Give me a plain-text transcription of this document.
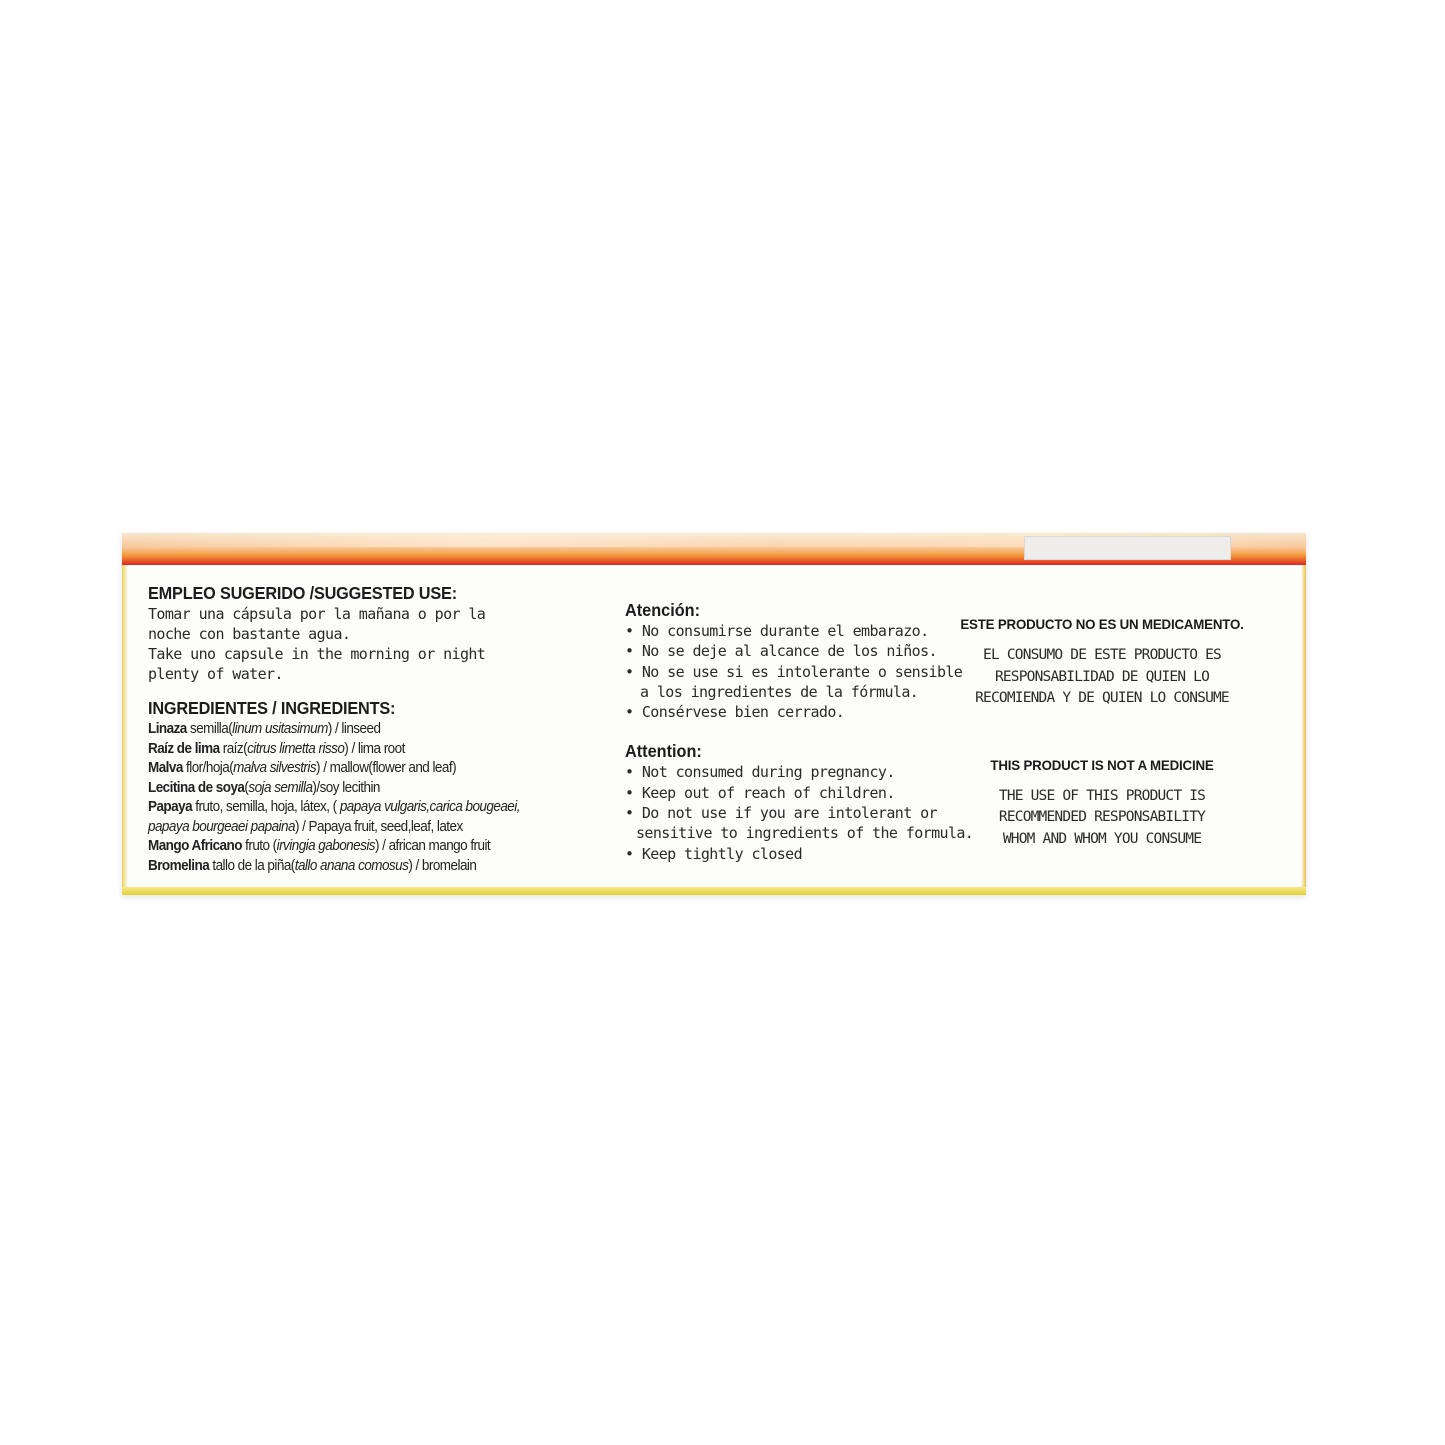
EMPLEO SUGERIDO /SUGGESTED USE:
Tomar una cápsula por la mañana o por la
noche con bastante agua.
Take uno capsule in the morning or night
plenty of water.
INGREDIENTES / INGREDIENTS:
Linaza semilla(linum usitasimum) / linseed
Raíz de lima raíz(citrus limetta risso) / lima root
Malva flor/hoja(malva silvestris) / mallow(flower and leaf)
Lecitina de soya(soja semilla)/soy lecithin
Papaya fruto, semilla, hoja, látex, ( papaya vulgaris,carica bougeaei,
papaya bourgeaei papaina) / Papaya fruit, seed,leaf, latex
Mango Africano fruto (irvingia gabonesis) / african mango fruit
Bromelina tallo de la piña(tallo anana comosus) / bromelain
Atención:
• No consumirse durante el embarazo.
• No se deje al alcance de los niños.
• No se use si es intolerante o sensible
a los ingredientes de la fórmula.
• Consérvese bien cerrado.
Attention:
• Not consumed during pregnancy.
• Keep out of reach of children.
• Do not use if you are intolerant or
sensitive to ingredients of the formula.
• Keep tightly closed
ESTE PRODUCTO NO ES UN MEDICAMENTO.
EL CONSUMO DE ESTE PRODUCTO ES
RESPONSABILIDAD DE QUIEN LO
RECOMIENDA Y DE QUIEN LO CONSUME
THIS PRODUCT IS NOT A MEDICINE
THE USE OF THIS PRODUCT IS
RECOMMENDED RESPONSABILITY
WHOM AND WHOM YOU CONSUME
